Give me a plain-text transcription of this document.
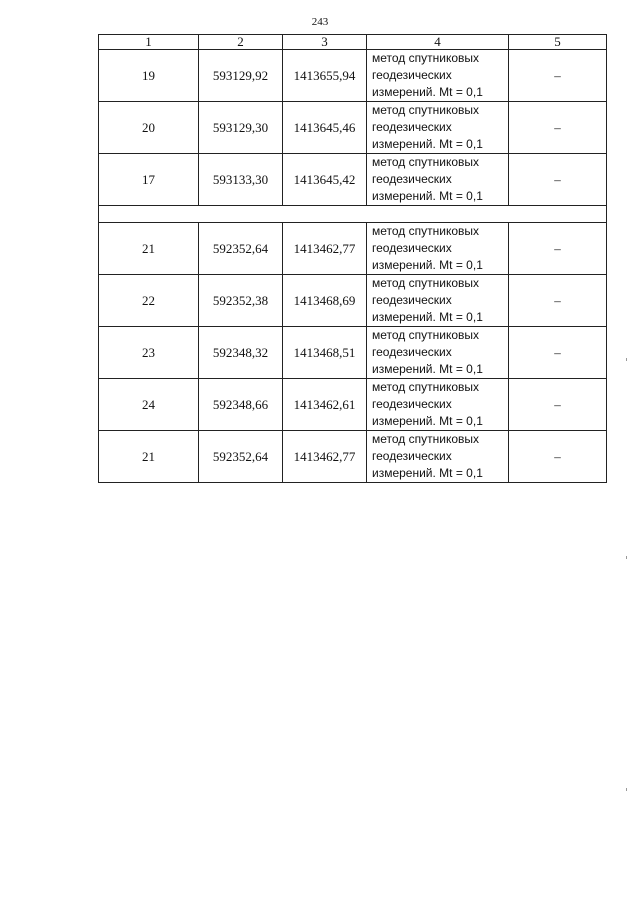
243
1	2	3	4	5
19	593129,92	1413655,94	метод спутниковых
геодезических
измерений. Mt = 0,1	–
20	593129,30	1413645,46	метод спутниковых
геодезических
измерений. Mt = 0,1	–
17	593133,30	1413645,42	метод спутниковых
геодезических
измерений. Mt = 0,1	–

21	592352,64	1413462,77	метод спутниковых
геодезических
измерений. Mt = 0,1	–
22	592352,38	1413468,69	метод спутниковых
геодезических
измерений. Mt = 0,1	–
23	592348,32	1413468,51	метод спутниковых
геодезических
измерений. Mt = 0,1	–
24	592348,66	1413462,61	метод спутниковых
геодезических
измерений. Mt = 0,1	–
21	592352,64	1413462,77	метод спутниковых
геодезических
измерений. Mt = 0,1	–
